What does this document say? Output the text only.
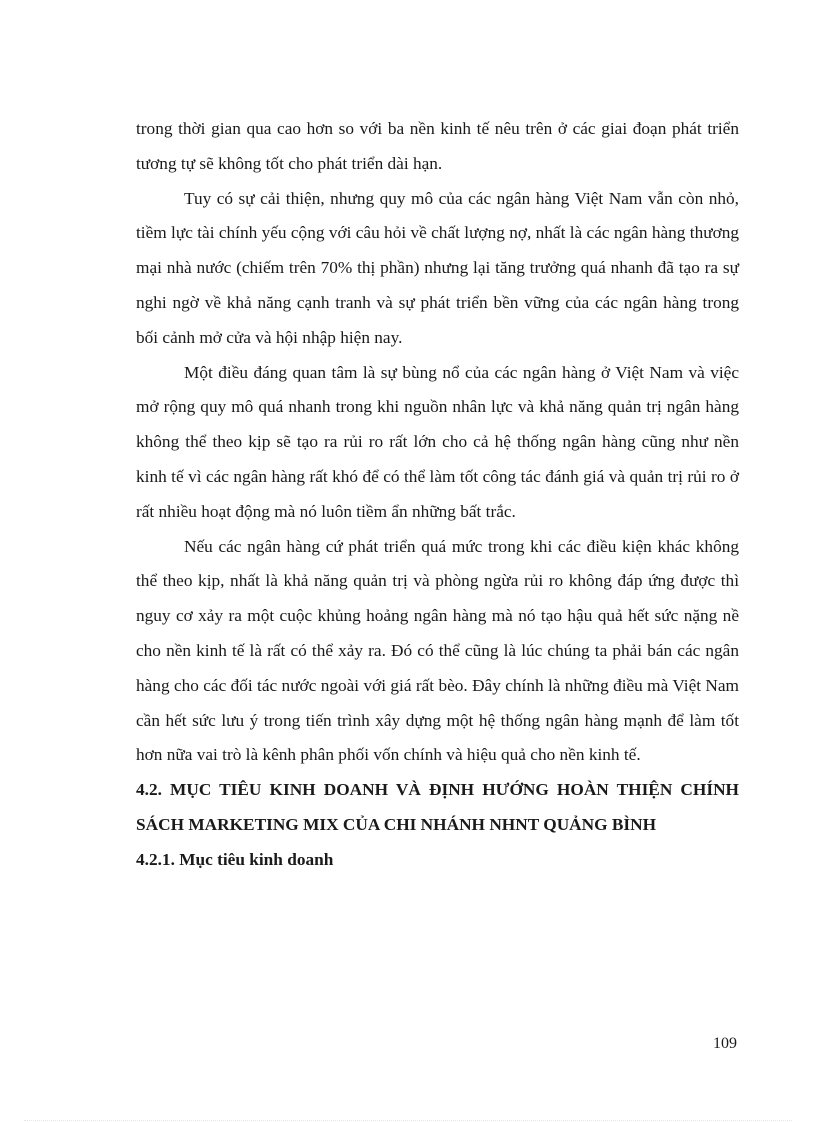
trong thời gian qua cao hơn so với ba nền kinh tế nêu trên ở các giai đoạn phát triển tương tự sẽ không tốt cho phát triển dài hạn.

Tuy có sự cải thiện, nhưng quy mô của các ngân hàng Việt Nam vẫn còn nhỏ, tiềm lực tài chính yếu cộng với câu hỏi về chất lượng nợ, nhất là các ngân hàng thương mại nhà nước (chiếm trên 70% thị phần) nhưng lại tăng trưởng quá nhanh đã tạo ra sự nghi ngờ về khả năng cạnh tranh và sự phát triển bền vững của các ngân hàng trong bối cảnh mở cửa và hội nhập hiện nay.

Một điều đáng quan tâm là sự bùng nổ của các ngân hàng ở Việt Nam và việc mở rộng quy mô quá nhanh trong khi nguồn nhân lực và khả năng quản trị ngân hàng không thể theo kịp sẽ tạo ra rủi ro rất lớn cho cả hệ thống ngân hàng cũng như nền kinh tế vì các ngân hàng rất khó để có thể làm tốt công tác đánh giá và quản trị rủi ro ở rất nhiều hoạt động mà nó luôn tiềm ẩn những bất trắc.

Nếu các ngân hàng cứ phát triển quá mức trong khi các điều kiện khác không thể theo kịp, nhất là khả năng quản trị và phòng ngừa rủi ro không đáp ứng được thì nguy cơ xảy ra một cuộc khủng hoảng ngân hàng mà nó tạo hậu quả hết sức nặng nề cho nền kinh tế là rất có thể xảy ra. Đó có thể cũng là lúc chúng ta phải bán các ngân hàng cho các đối tác nước ngoài với giá rất bèo. Đây chính là những điều mà Việt Nam cần hết sức lưu ý trong tiến trình xây dựng một hệ thống ngân hàng mạnh để làm tốt hơn nữa vai trò là kênh phân phối vốn chính và hiệu quả cho nền kinh tế.

4.2. MỤC TIÊU KINH DOANH VÀ ĐỊNH HƯỚNG HOÀN THIỆN CHÍNH SÁCH MARKETING MIX CỦA CHI NHÁNH NHNT QUẢNG BÌNH

4.2.1. Mục tiêu kinh doanh

109
